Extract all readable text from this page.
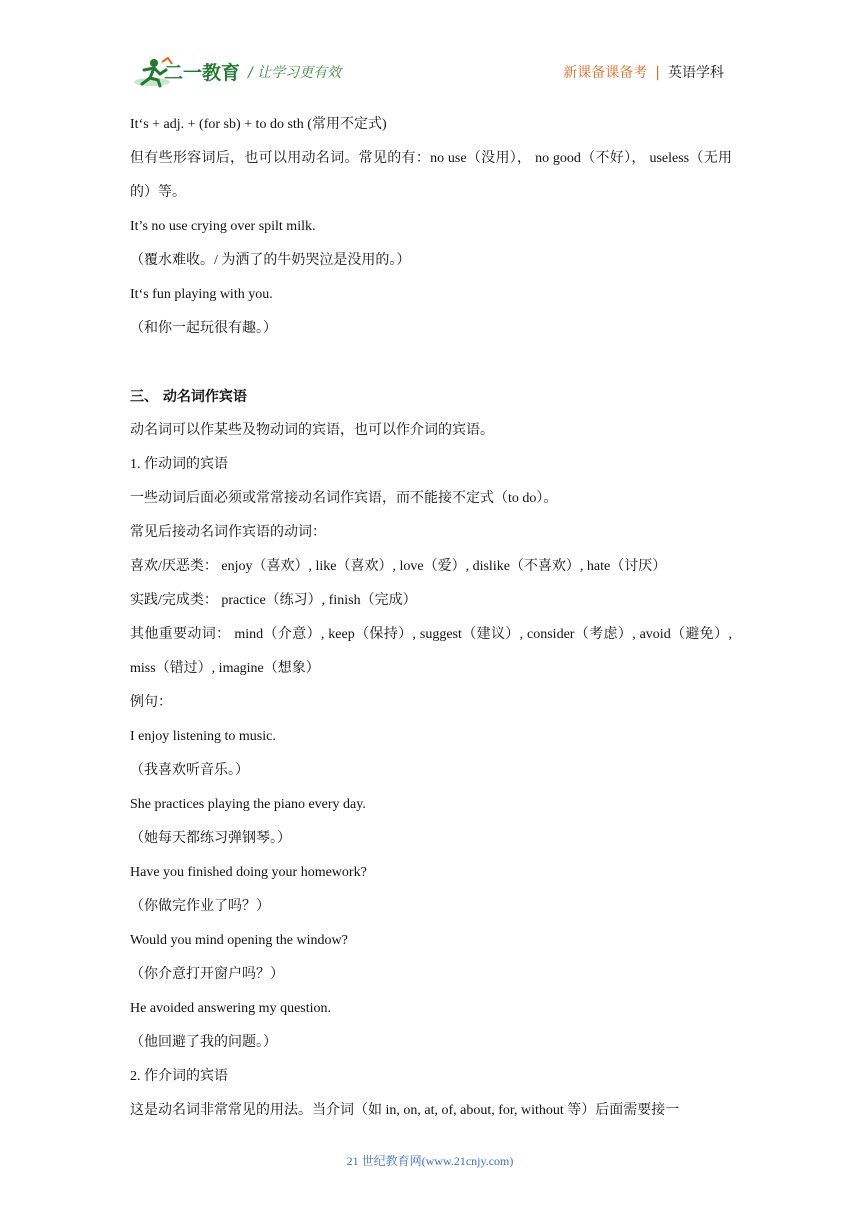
二一教育 / 让学习更有效	新课备课备考 | 英语学科
It‘s + adj. + (for sb) + to do sth (常用不定式)
但有些形容词后，也可以用动名词。常见的有：no use（没用）， no good（不好）， useless（无用的）等。
It’s no use crying over spilt milk.
（覆水难收。/ 为洒了的牛奶哭泣是没用的。）
It‘s fun playing with you.
（和你一起玩很有趣。）
三、 动名词作宾语
动名词可以作某些及物动词的宾语，也可以作介词的宾语。
1. 作动词的宾语
一些动词后面必须或常常接动名词作宾语，而不能接不定式（to do）。
常见后接动名词作宾语的动词：
喜欢/厌恶类： enjoy（喜欢）, like（喜欢）, love（爱）, dislike（不喜欢）, hate（讨厌）
实践/完成类： practice（练习）, finish（完成）
其他重要动词： mind（介意）, keep（保持）, suggest（建议）, consider（考虑）, avoid（避免）, miss（错过）, imagine（想象）
例句：
I enjoy listening to music.
（我喜欢听音乐。）
She practices playing the piano every day.
（她每天都练习弹钢琴。）
Have you finished doing your homework?
（你做完作业了吗？）
Would you mind opening the window?
（你介意打开窗户吗？）
He avoided answering my question.
（他回避了我的问题。）
2. 作介词的宾语
这是动名词非常常见的用法。当介词（如 in, on, at, of, about, for, without 等）后面需要接一
21 世纪教育网(www.21cnjy.com)
